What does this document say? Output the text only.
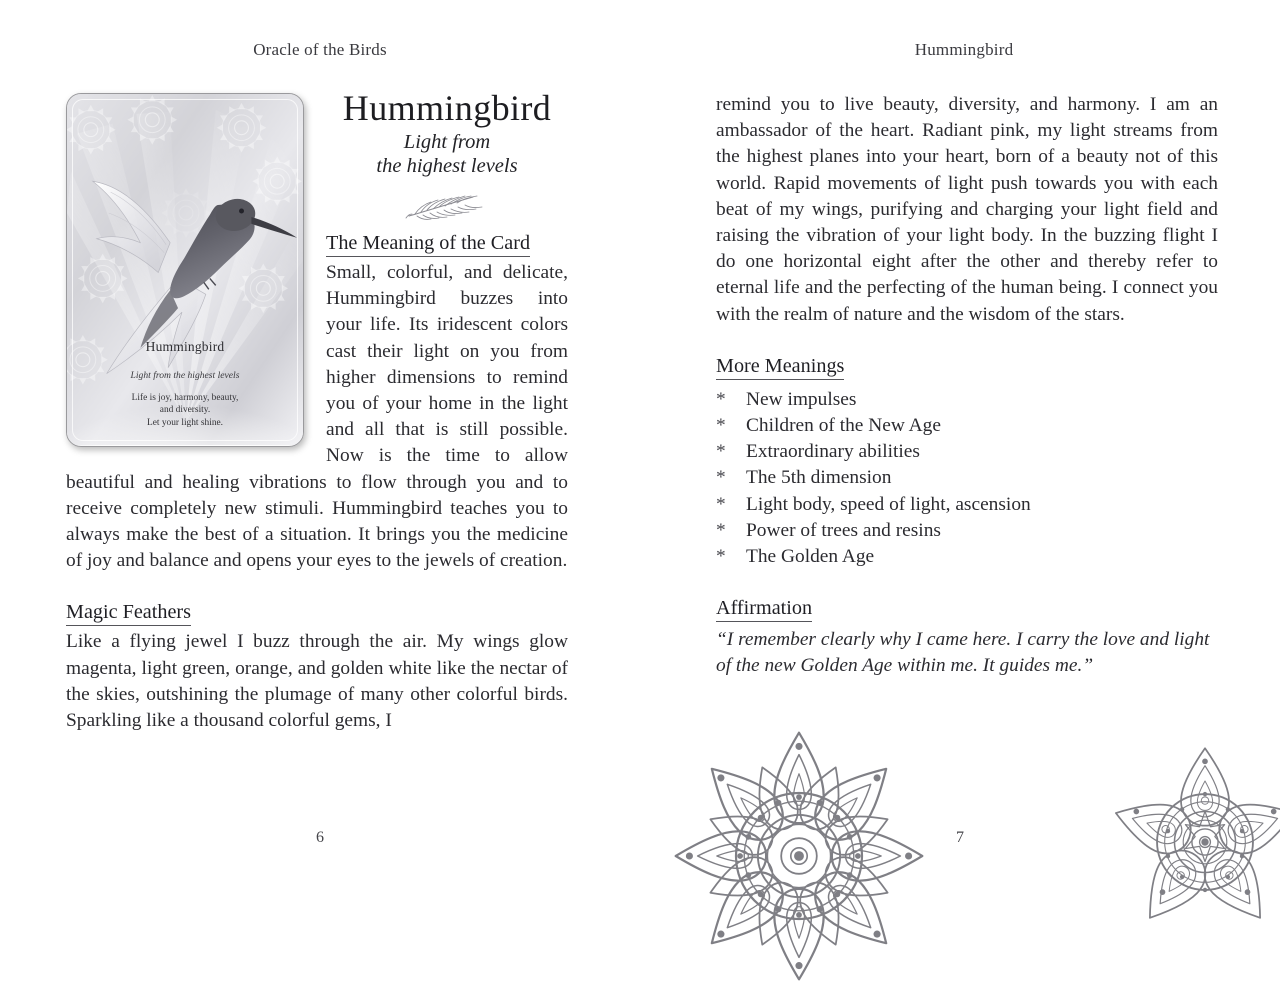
Oracle of the Birds
Hummingbird
Light from the highest levels
Life is joy, harmony, beauty,
and diversity.
Let your light shine.
Hummingbird
Light from
the highest levels
The Meaning of the Card

Small, colorful, and delicate, Hummingbird buzzes into your life. Its iridescent colors cast their light on you from higher dimensions to remind you of your home in the light and all that is still possible. Now is the time to allow beautiful and healing vibrations to flow through you and to receive completely new stimuli. Hummingbird teaches you to always make the best of a situation. It brings you the medicine of joy and balance and opens your eyes to the jewels of creation.

Magic Feathers

Like a flying jewel I buzz through the air. My wings glow magenta, light green, orange, and golden white like the nectar of the skies, outshining the plumage of many other colorful birds. Sparkling like a thousand colorful gems, I

6
Hummingbird

remind you to live beauty, diversity, and harmony. I am an ambassador of the heart. Radiant pink, my light streams from the highest planes into your heart, born of a beauty not of this world. Rapid movements of light push towards you with each beat of my wings, purifying and charging your light field and raising the vibration of your light body. In the buzzing flight I do one horizontal eight after the other and thereby refer to eternal life and the perfecting of the human being. I connect you with the realm of nature and the wisdom of the stars.

More Meanings
*	New impulses
*	Children of the New Age
*	Extraordinary abilities
*	The 5th dimension
*	Light body, speed of light, ascension
*	Power of trees and resins
*	The Golden Age
Affirmation

“I remember clearly why I came here. I carry the love and light of the new Golden Age within me. It guides me.”

7
